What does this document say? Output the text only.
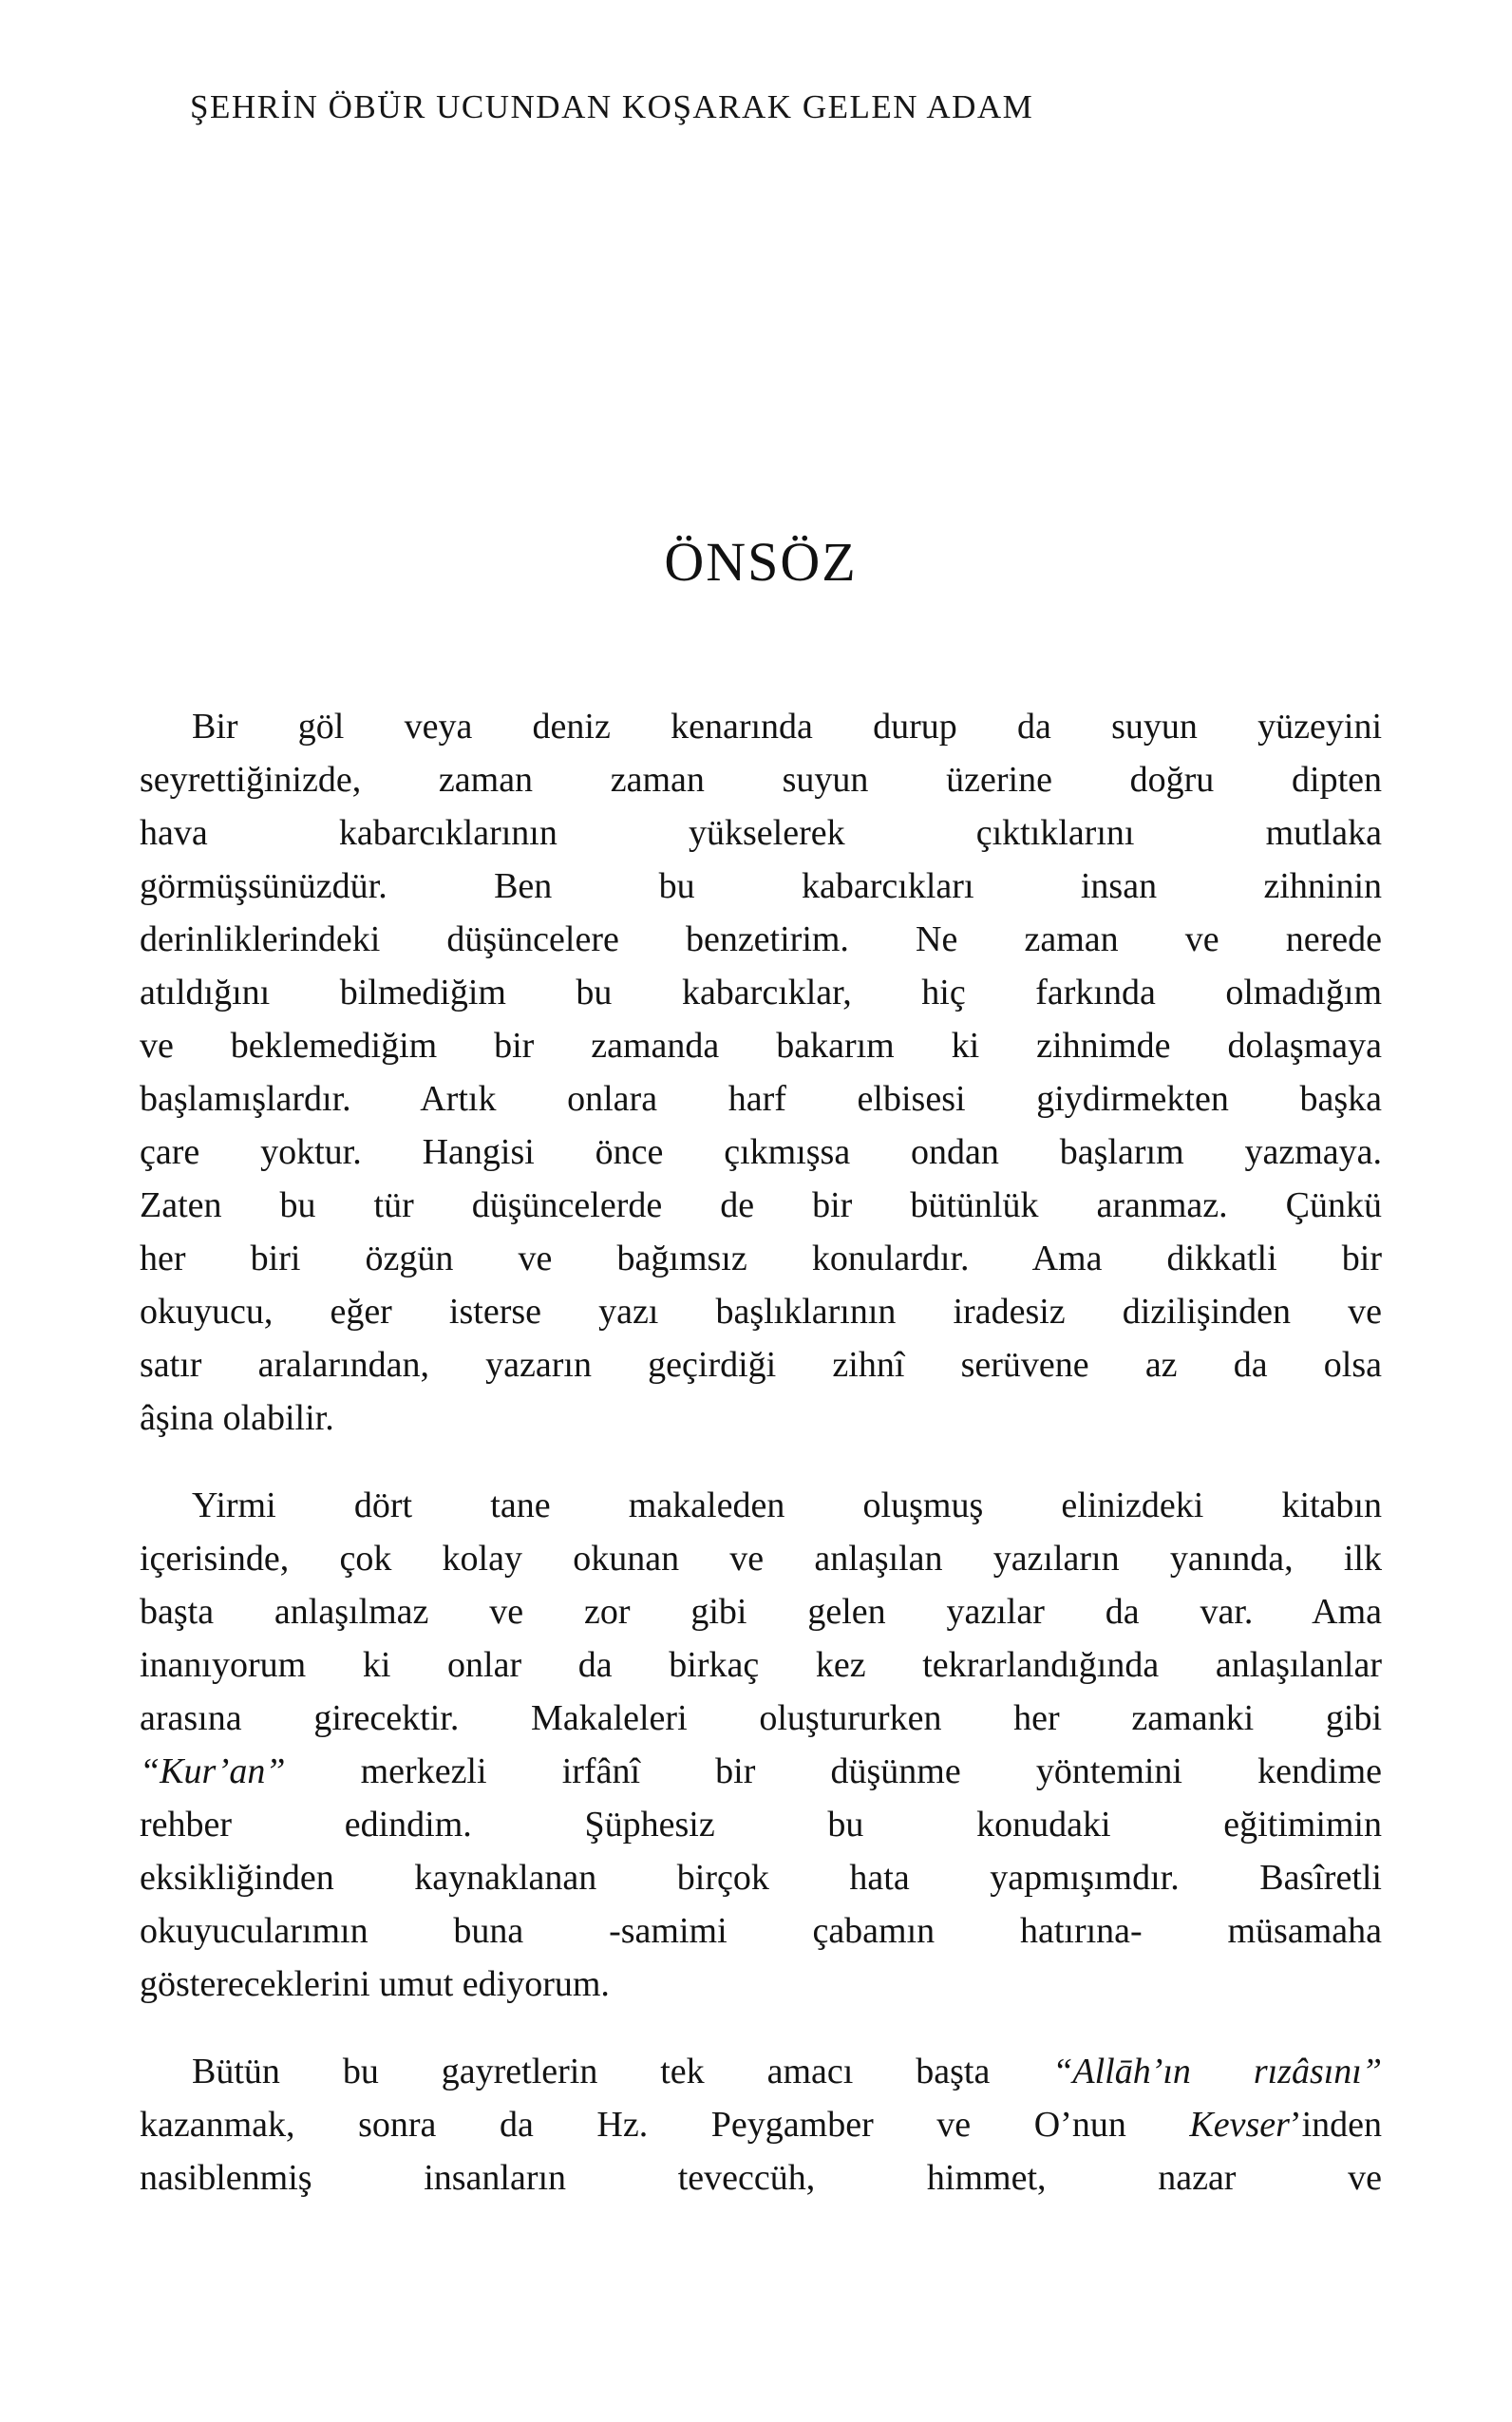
ŞEHRİN ÖBÜR UCUNDAN KOŞARAK GELEN ADAM
ÖNSÖZ
Bir göl veya deniz kenarında durup da suyun yüzeyini
seyrettiğinizde, zaman zaman suyun üzerine doğru dipten
hava kabarcıklarının yükselerek çıktıklarını mutlaka
görmüşsünüzdür. Ben bu kabarcıkları insan zihninin
derinliklerindeki düşüncelere benzetirim. Ne zaman ve nerede
atıldığını bilmediğim bu kabarcıklar, hiç farkında olmadığım
ve beklemediğim bir zamanda bakarım ki zihnimde dolaşmaya
başlamışlardır. Artık onlara harf elbisesi giydirmekten başka
çare yoktur. Hangisi önce çıkmışsa ondan başlarım yazmaya.
Zaten bu tür düşüncelerde de bir bütünlük aranmaz. Çünkü
her biri özgün ve bağımsız konulardır. Ama dikkatli bir
okuyucu, eğer isterse yazı başlıklarının iradesiz dizilişinden ve
satır aralarından, yazarın geçirdiği zihnî serüvene az da olsa
âşina olabilir.
Yirmi dört tane makaleden oluşmuş elinizdeki kitabın
içerisinde, çok kolay okunan ve anlaşılan yazıların yanında, ilk
başta anlaşılmaz ve zor gibi gelen yazılar da var. Ama
inanıyorum ki onlar da birkaç kez tekrarlandığında anlaşılanlar
arasına girecektir. Makaleleri oluştururken her zamanki gibi
“Kur’an” merkezli irfânî bir düşünme yöntemini kendime
rehber edindim. Şüphesiz bu konudaki eğitimimin
eksikliğinden kaynaklanan birçok hata yapmışımdır. Basîretli
okuyucularımın buna -samimi çabamın hatırına- müsamaha
göstereceklerini umut ediyorum.
Bütün bu gayretlerin tek amacı başta “Allāh’ın rızâsını”
kazanmak, sonra da Hz. Peygamber ve O’nun Kevser’inden
nasiblenmiş insanların teveccüh, himmet, nazar ve
